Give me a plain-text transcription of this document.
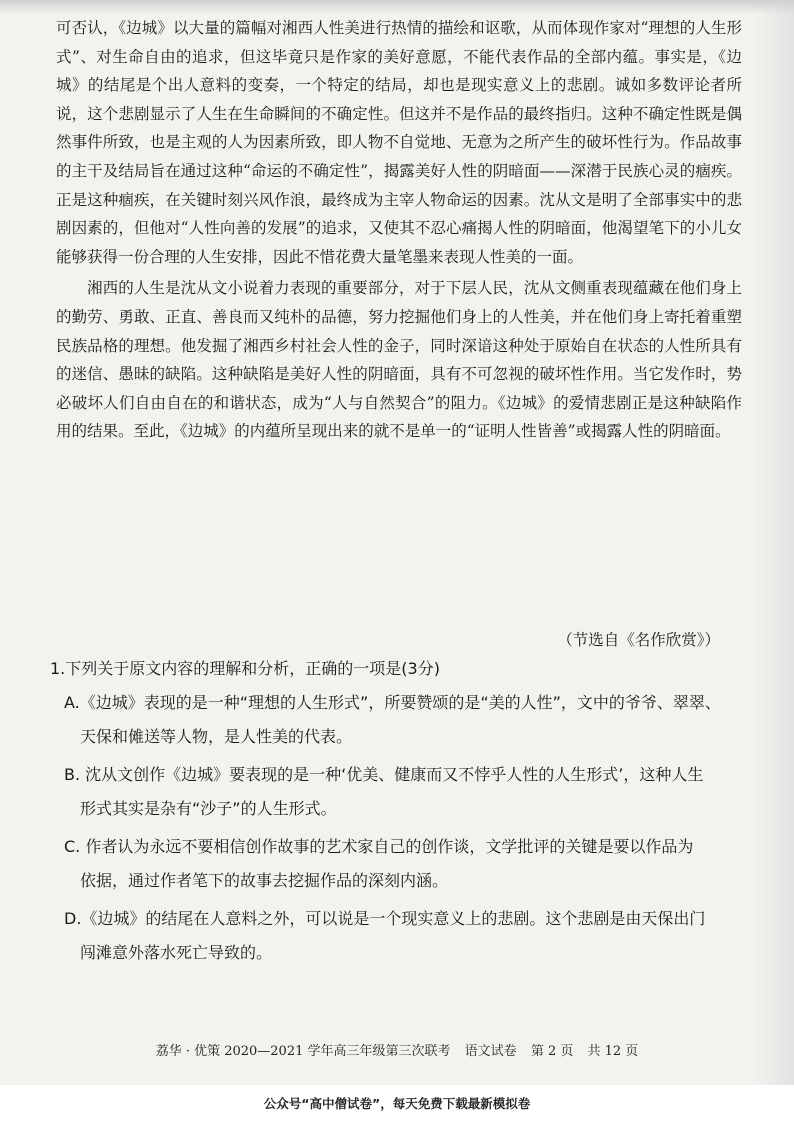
可否认，《边城》以大量的篇幅对湘西人性美进行热情的描绘和讴歌，从而体现作家对“理想的人生形式”、对生命自由的追求，但这毕竟只是作家的美好意愿，不能代表作品的全部内蕴。事实是，《边城》的结尾是个出人意料的变奏，一个特定的结局，却也是现实意义上的悲剧。诚如多数评论者所说，这个悲剧显示了人生在生命瞬间的不确定性。但这并不是作品的最终指归。这种不确定性既是偶然事件所致，也是主观的人为因素所致，即人物不自觉地、无意为之所产生的破坏性行为。作品故事的主干及结局旨在通过这种“命运的不确定性”，揭露美好人性的阴暗面——深潜于民族心灵的痼疾。正是这种痼疾，在关键时刻兴风作浪，最终成为主宰人物命运的因素。沈从文是明了全部事实中的悲剧因素的，但他对“人性向善的发展”的追求，又使其不忍心痛揭人性的阴暗面，他渴望笔下的小儿女能够获得一份合理的人生安排，因此不惜花费大量笔墨来表现人性美的一面。

湘西的人生是沈从文小说着力表现的重要部分，对于下层人民，沈从文侧重表现蕴藏在他们身上的勤劳、勇敢、正直、善良而又纯朴的品德，努力挖掘他们身上的人性美，并在他们身上寄托着重塑民族品格的理想。他发掘了湘西乡村社会人性的金子，同时深谙这种处于原始自在状态的人性所具有的迷信、愚昧的缺陷。这种缺陷是美好人性的阴暗面，具有不可忽视的破坏性作用。当它发作时，势必破坏人们自由自在的和谐状态，成为“人与自然契合”的阻力。《边城》的爱情悲剧正是这种缺陷作用的结果。至此，《边城》的内蕴所呈现出来的就不是单一的“证明人性皆善”或揭露人性的阴暗面。

（节选自《名作欣赏》）

1.下列关于原文内容的理解和分析，正确的一项是(3分)

A.《边城》表现的是一种“理想的人生形式”，所要赞颂的是“美的人性”，文中的爷爷、翠翠、
天保和傩送等人物，是人性美的代表。

B. 沈从文创作《边城》要表现的是一种‘优美、健康而又不悖乎人性的人生形式’，这种人生
形式其实是杂有“沙子”的人生形式。

C. 作者认为永远不要相信创作故事的艺术家自己的创作谈，文学批评的关键是要以作品为
依据，通过作者笔下的故事去挖掘作品的深刻内涵。

D.《边城》的结尾在人意料之外，可以说是一个现实意义上的悲剧。这个悲剧是由天保出门
闯滩意外落水死亡导致的。

荔华 · 优策 2020—2021 学年高三年级第三次联考 语文试卷 第 2 页 共 12 页
公众号“高中僧试卷”，每天免费下载最新模拟卷
